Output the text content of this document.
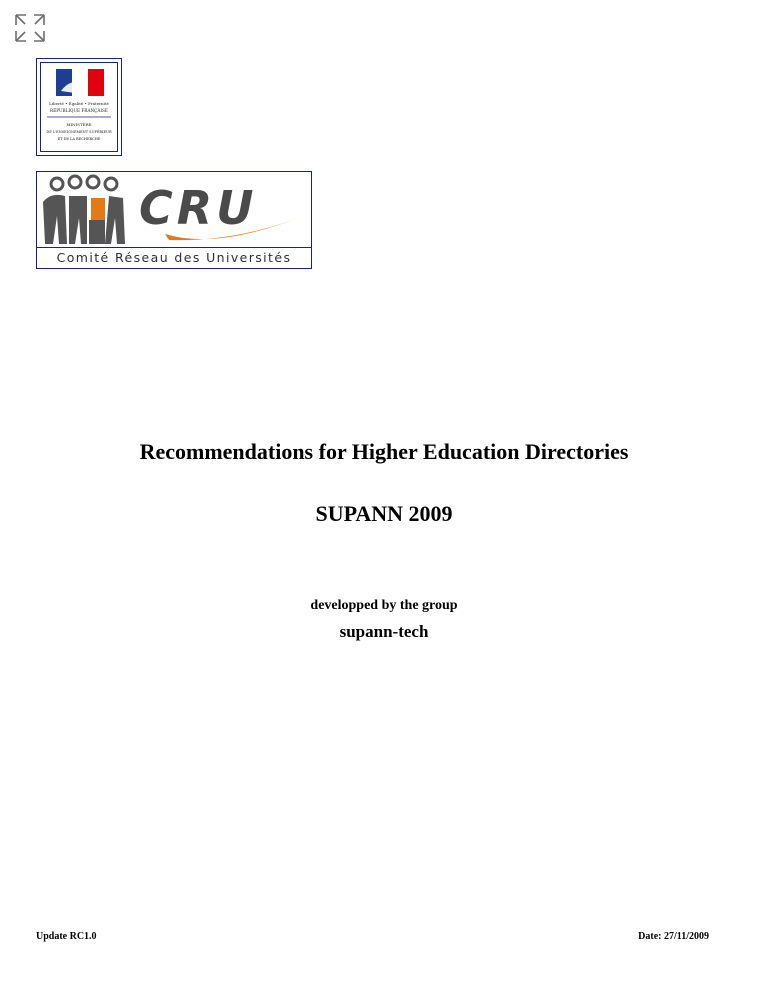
Liberté • Égalité • Fraternité
RÉPUBLIQUE FRANÇAISE
MINISTÈRE
DE L'ENSEIGNEMENT SUPÉRIEUR
ET DE LA RECHERCHE
CRU
Comité Réseau des Universités
Recommendations for Higher Education Directories
SUPANN 2009
developped by the group
supann-tech
Update RC1.0	Date: 27/11/2009
